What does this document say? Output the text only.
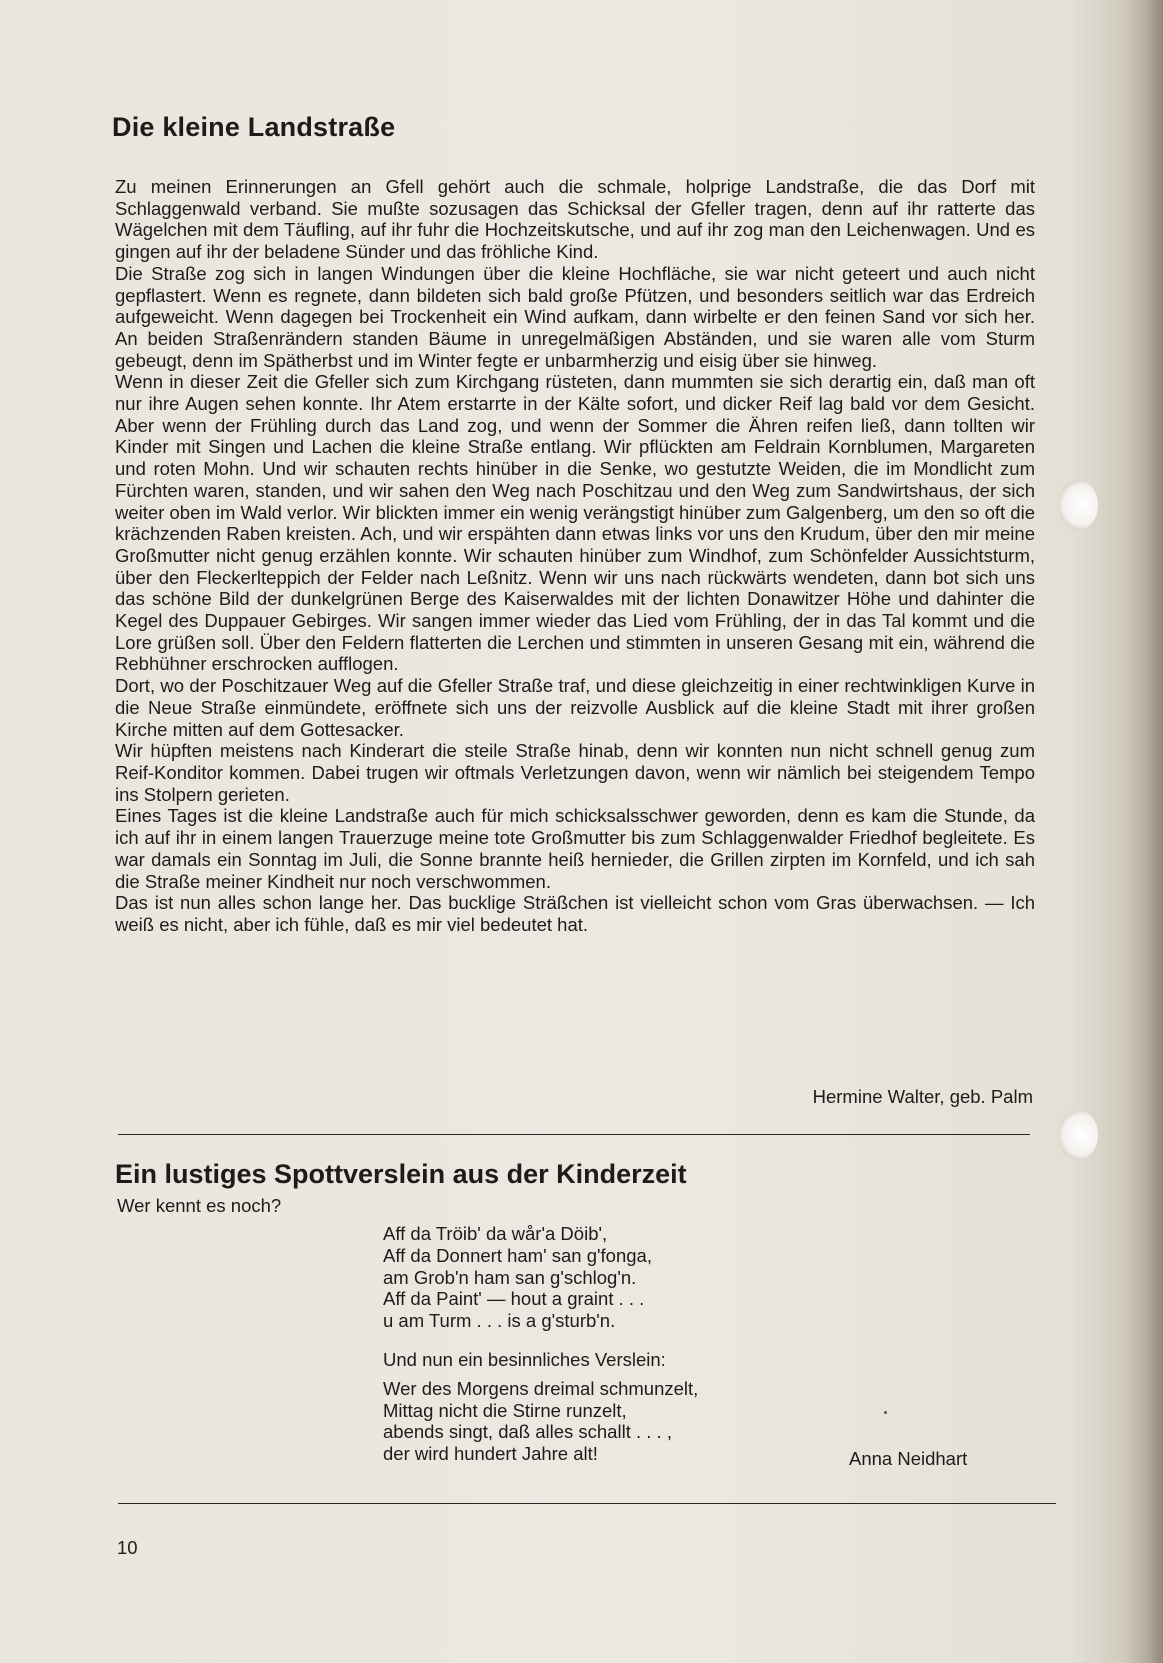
Die kleine Landstraße

Zu meinen Erinnerungen an Gfell gehört auch die schmale, holprige Landstraße, die das Dorf mit Schlaggenwald verband. Sie mußte sozusagen das Schicksal der Gfeller tragen, denn auf ihr ratterte das Wägelchen mit dem Täufling, auf ihr fuhr die Hochzeitskutsche, und auf ihr zog man den Leichenwagen. Und es gingen auf ihr der beladene Sünder und das fröhliche Kind.

Die Straße zog sich in langen Windungen über die kleine Hochfläche, sie war nicht geteert und auch nicht gepflastert. Wenn es regnete, dann bildeten sich bald große Pfützen, und besonders seitlich war das Erdreich aufgeweicht. Wenn dagegen bei Trockenheit ein Wind aufkam, dann wirbelte er den feinen Sand vor sich her. An beiden Straßenrändern standen Bäume in unregelmäßigen Abständen, und sie waren alle vom Sturm gebeugt, denn im Spätherbst und im Winter fegte er unbarmherzig und eisig über sie hinweg.

Wenn in dieser Zeit die Gfeller sich zum Kirchgang rüsteten, dann mummten sie sich derartig ein, daß man oft nur ihre Augen sehen konnte. Ihr Atem erstarrte in der Kälte sofort, und dicker Reif lag bald vor dem Gesicht. Aber wenn der Frühling durch das Land zog, und wenn der Sommer die Ähren reifen ließ, dann tollten wir Kinder mit Singen und Lachen die kleine Straße entlang. Wir pflückten am Feldrain Kornblumen, Margareten und roten Mohn. Und wir schauten rechts hinüber in die Senke, wo gestutzte Weiden, die im Mondlicht zum Fürchten waren, standen, und wir sahen den Weg nach Poschitzau und den Weg zum Sandwirtshaus, der sich weiter oben im Wald verlor. Wir blickten immer ein wenig verängstigt hinüber zum Galgenberg, um den so oft die krächzenden Raben kreisten. Ach, und wir erspähten dann etwas links vor uns den Krudum, über den mir meine Großmutter nicht genug erzählen konnte. Wir schauten hinüber zum Windhof, zum Schönfelder Aussichtsturm, über den Fleckerlteppich der Felder nach Leßnitz. Wenn wir uns nach rückwärts wendeten, dann bot sich uns das schöne Bild der dunkelgrünen Berge des Kaiserwaldes mit der lichten Donawitzer Höhe und dahinter die Kegel des Duppauer Gebirges. Wir sangen immer wieder das Lied vom Frühling, der in das Tal kommt und die Lore grüßen soll. Über den Feldern flatterten die Lerchen und stimmten in unseren Gesang mit ein, während die Rebhühner erschrocken aufflogen.

Dort, wo der Poschitzauer Weg auf die Gfeller Straße traf, und diese gleichzeitig in einer rechtwinkligen Kurve in die Neue Straße einmündete, eröffnete sich uns der reizvolle Ausblick auf die kleine Stadt mit ihrer großen Kirche mitten auf dem Gottesacker.

Wir hüpften meistens nach Kinderart die steile Straße hinab, denn wir konnten nun nicht schnell genug zum Reif-Konditor kommen. Dabei trugen wir oftmals Verletzungen davon, wenn wir nämlich bei steigendem Tempo ins Stolpern gerieten.

Eines Tages ist die kleine Landstraße auch für mich schicksalsschwer geworden, denn es kam die Stunde, da ich auf ihr in einem langen Trauerzuge meine tote Großmutter bis zum Schlaggenwalder Friedhof begleitete. Es war damals ein Sonntag im Juli, die Sonne brannte heiß hernieder, die Grillen zirpten im Kornfeld, und ich sah die Straße meiner Kindheit nur noch verschwommen.

Das ist nun alles schon lange her. Das bucklige Sträßchen ist vielleicht schon vom Gras überwachsen. — Ich weiß es nicht, aber ich fühle, daß es mir viel bedeutet hat.

Hermine Walter, geb. Palm

Ein lustiges Spottverslein aus der Kinderzeit

Wer kennt es noch?

Aff da Tröib' da wår'a Döib',
Aff da Donnert ham' san g'fonga,
am Grob'n ham san g'schlog'n.
Aff da Paint' — hout a graint . . .
u am Turm . . . is a g'sturb'n.
Und nun ein besinnliches Verslein:
Wer des Morgens dreimal schmunzelt,
Mittag nicht die Stirne runzelt,
abends singt, daß alles schallt . . . ,
der wird hundert Jahre alt!	Anna Neidhart

10
